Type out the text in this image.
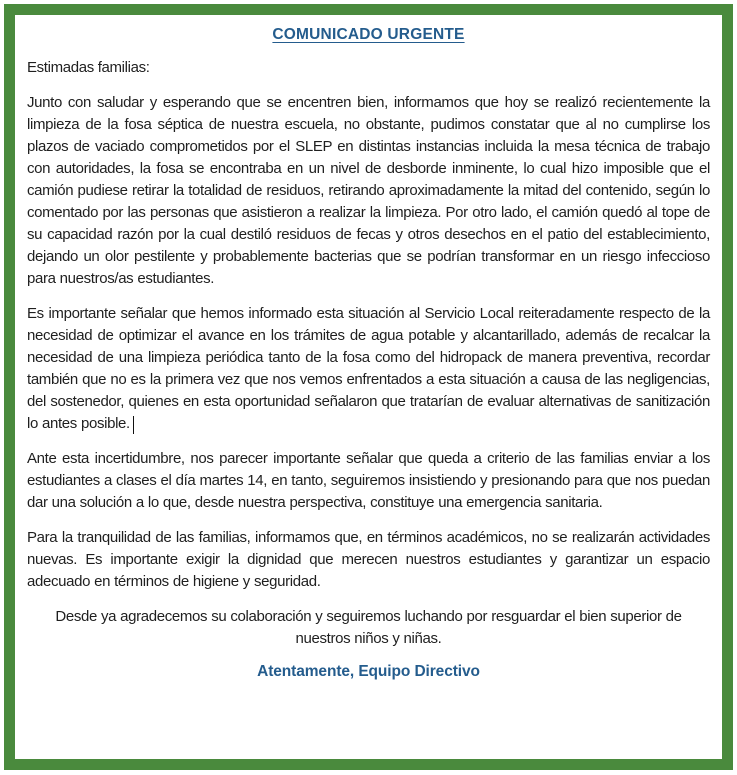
COMUNICADO URGENTE

Estimadas familias:

Junto con saludar y esperando que se encentren bien, informamos que hoy se realizó recientemente la limpieza de la fosa séptica de nuestra escuela, no obstante, pudimos constatar que al no cumplirse los plazos de vaciado comprometidos por el SLEP en distintas instancias incluida la mesa técnica de trabajo con autoridades, la fosa se encontraba en un nivel de desborde inminente, lo cual hizo imposible que el camión pudiese retirar la totalidad de residuos, retirando aproximadamente la mitad del contenido, según lo comentado por las personas que asistieron a realizar la limpieza. Por otro lado, el camión quedó al tope de su capacidad razón por la cual destiló residuos de fecas y otros desechos en el patio del establecimiento, dejando un olor pestilente y probablemente bacterias que se podrían transformar en un riesgo infeccioso para nuestros/as estudiantes.

Es importante señalar que hemos informado esta situación al Servicio Local reiteradamente respecto de la necesidad de optimizar el avance en los trámites de agua potable y alcantarillado, además de recalcar la necesidad de una limpieza periódica tanto de la fosa como del hidropack de manera preventiva, recordar también que no es la primera vez que nos vemos enfrentados a esta situación a causa de las negligencias, del sostenedor, quienes en esta oportunidad señalaron que tratarían de evaluar alternativas de sanitización lo antes posible.

Ante esta incertidumbre, nos parecer importante señalar que queda a criterio de las familias enviar a los estudiantes a clases el día martes 14, en tanto, seguiremos insistiendo y presionando para que nos puedan dar una solución a lo que, desde nuestra perspectiva, constituye una emergencia sanitaria.

Para la tranquilidad de las familias, informamos que, en términos académicos, no se realizarán actividades nuevas. Es importante exigir la dignidad que merecen nuestros estudiantes y garantizar un espacio adecuado en términos de higiene y seguridad.

Desde ya agradecemos su colaboración y seguiremos luchando por resguardar el bien superior de nuestros niños y niñas.

Atentamente, Equipo Directivo
